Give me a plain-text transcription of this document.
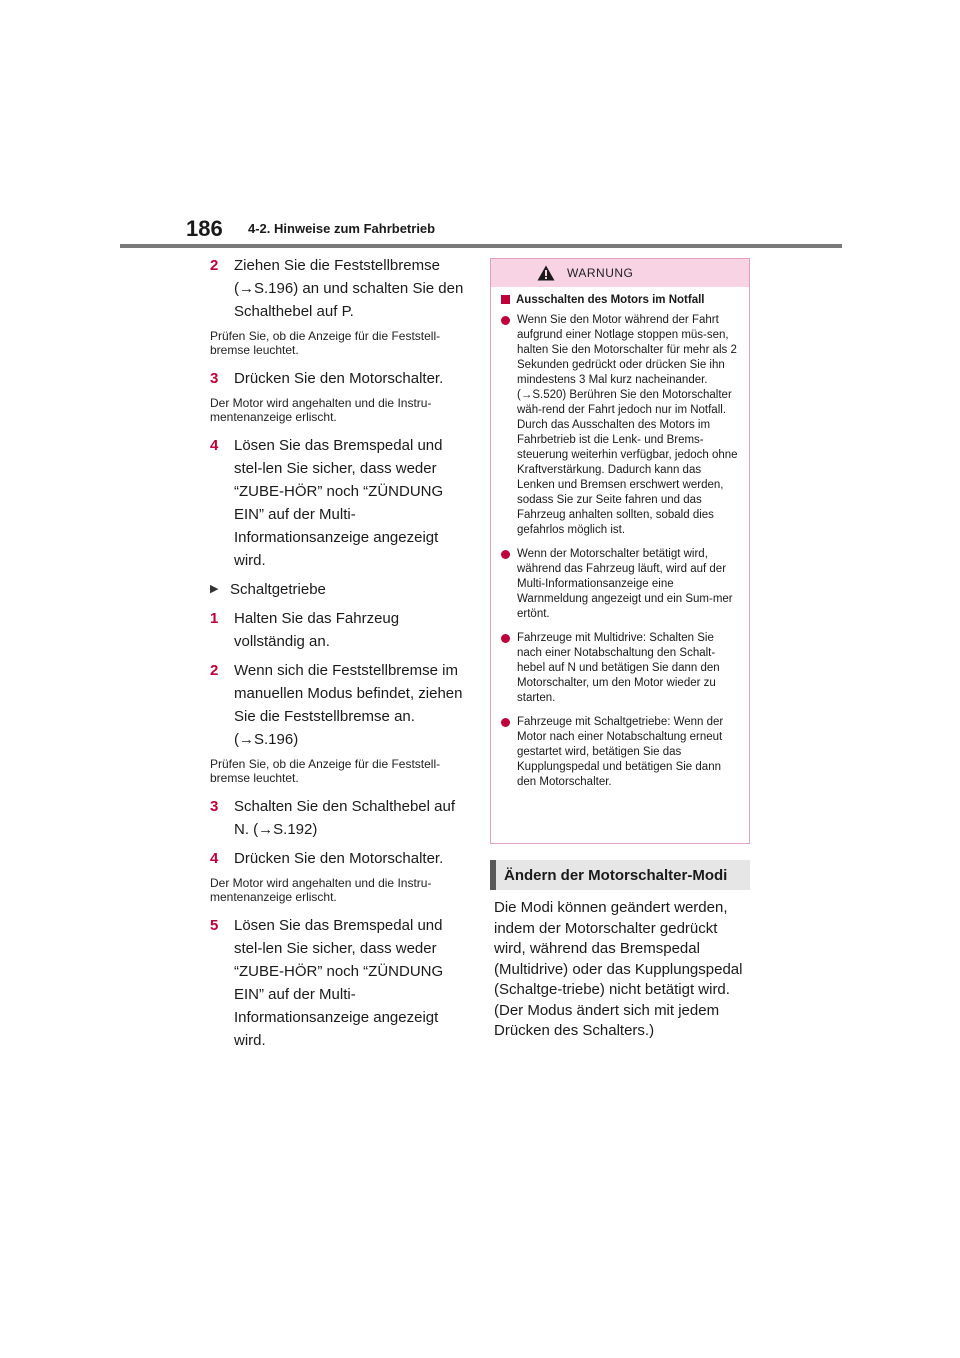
186 4-2. Hinweise zum Fahrbetrieb
2	Ziehen Sie die Feststellbremse (→S.196) an und schalten Sie den Schalthebel auf P.
Prüfen Sie, ob die Anzeige für die Feststell-bremse leuchtet.
3	Drücken Sie den Motorschalter.
Der Motor wird angehalten und die Instru-mentenanzeige erlischt.
4	Lösen Sie das Bremspedal und stel-len Sie sicher, dass weder “ZUBE-HÖR” noch “ZÜNDUNG EIN” auf der Multi-Informationsanzeige angezeigt wird.
▶ Schaltgetriebe
1	Halten Sie das Fahrzeug vollständig an.
2	Wenn sich die Feststellbremse im manuellen Modus befindet, ziehen Sie die Feststellbremse an. (→S.196)
Prüfen Sie, ob die Anzeige für die Feststell-bremse leuchtet.
3	Schalten Sie den Schalthebel auf N. (→S.192)
4	Drücken Sie den Motorschalter.
Der Motor wird angehalten und die Instru-mentenanzeige erlischt.
5	Lösen Sie das Bremspedal und stel-len Sie sicher, dass weder “ZUBE-HÖR” noch “ZÜNDUNG EIN” auf der Multi-Informationsanzeige angezeigt wird.
WARNUNG
Ausschalten des Motors im Notfall
Wenn Sie den Motor während der Fahrt aufgrund einer Notlage stoppen müs-sen, halten Sie den Motorschalter für mehr als 2 Sekunden gedrückt oder drücken Sie ihn mindestens 3 Mal kurz nacheinander. (→S.520) Berühren Sie den Motorschalter wäh-rend der Fahrt jedoch nur im Notfall. Durch das Ausschalten des Motors im Fahrbetrieb ist die Lenk- und Brems-steuerung weiterhin verfügbar, jedoch ohne Kraftverstärkung. Dadurch kann das Lenken und Bremsen erschwert werden, sodass Sie zur Seite fahren und das Fahrzeug anhalten sollten, sobald dies gefahrlos möglich ist.
Wenn der Motorschalter betätigt wird, während das Fahrzeug läuft, wird auf der Multi-Informationsanzeige eine Warnmeldung angezeigt und ein Sum-mer ertönt.
Fahrzeuge mit Multidrive: Schalten Sie nach einer Notabschaltung den Schalt-hebel auf N und betätigen Sie dann den Motorschalter, um den Motor wieder zu starten.
Fahrzeuge mit Schaltgetriebe: Wenn der Motor nach einer Notabschaltung erneut gestartet wird, betätigen Sie das Kupplungspedal und betätigen Sie dann den Motorschalter.
Ändern der Motorschalter-Modi
Die Modi können geändert werden, indem der Motorschalter gedrückt wird, während das Bremspedal (Multidrive) oder das Kupplungspedal (Schaltge-triebe) nicht betätigt wird. (Der Modus ändert sich mit jedem Drücken des Schalters.)
